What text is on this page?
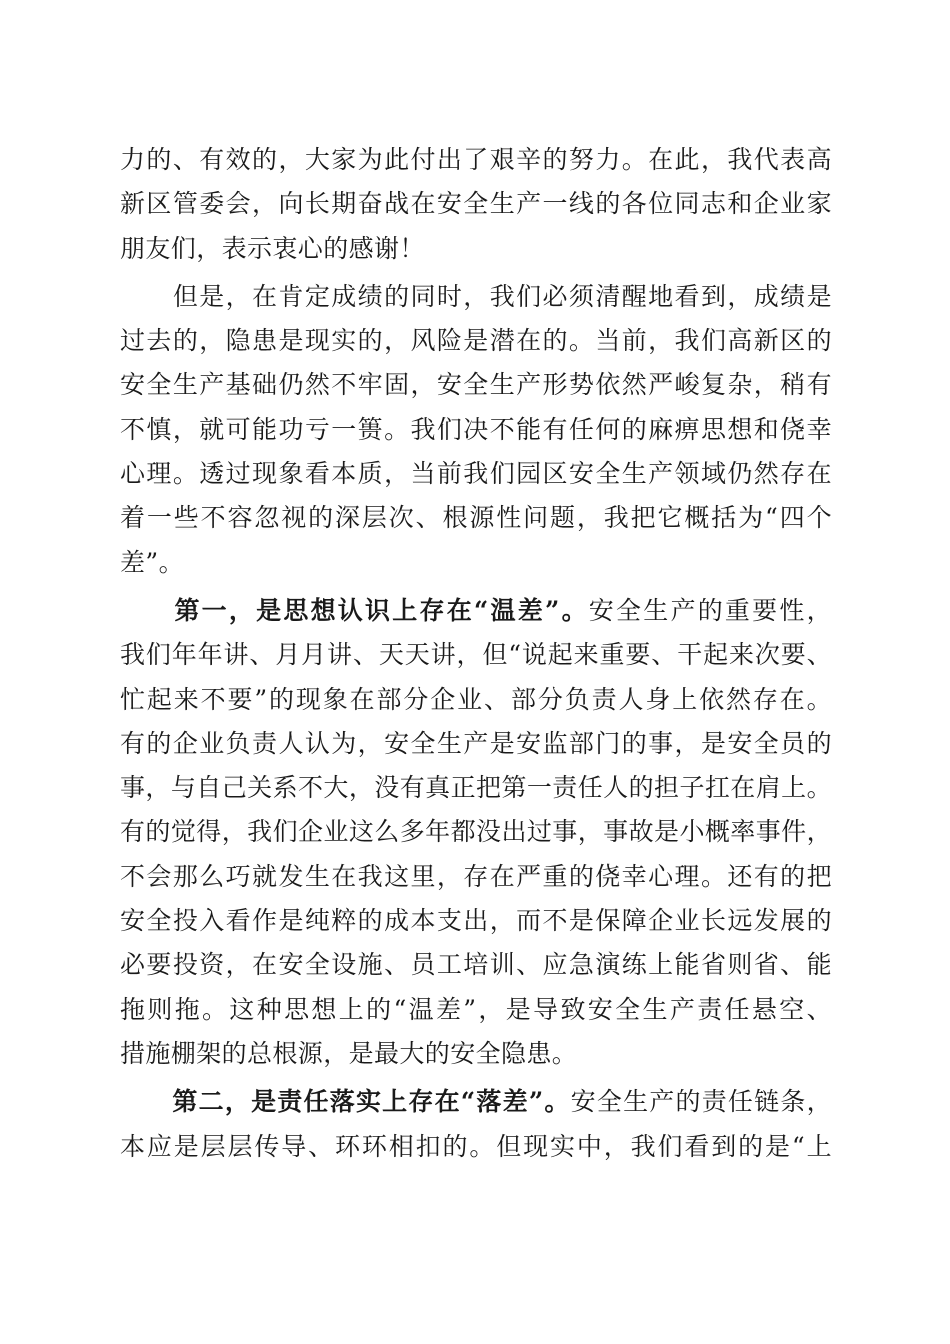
力的、有效的，大家为此付出了艰辛的努力。在此，我代表高
新区管委会，向长期奋战在安全生产一线的各位同志和企业家
朋友们，表示衷心的感谢！
　　但是，在肯定成绩的同时，我们必须清醒地看到，成绩是
过去的，隐患是现实的，风险是潜在的。当前，我们高新区的
安全生产基础仍然不牢固，安全生产形势依然严峻复杂，稍有
不慎，就可能功亏一篑。我们决不能有任何的麻痹思想和侥幸
心理。透过现象看本质，当前我们园区安全生产领域仍然存在
着一些不容忽视的深层次、根源性问题，我把它概括为“四个
差”。
　　第一，是思想认识上存在“温差”。安全生产的重要性，
我们年年讲、月月讲、天天讲，但“说起来重要、干起来次要、
忙起来不要”的现象在部分企业、部分负责人身上依然存在。
有的企业负责人认为，安全生产是安监部门的事，是安全员的
事，与自己关系不大，没有真正把第一责任人的担子扛在肩上。
有的觉得，我们企业这么多年都没出过事，事故是小概率事件，
不会那么巧就发生在我这里，存在严重的侥幸心理。还有的把
安全投入看作是纯粹的成本支出，而不是保障企业长远发展的
必要投资，在安全设施、员工培训、应急演练上能省则省、能
拖则拖。这种思想上的“温差”，是导致安全生产责任悬空、
措施棚架的总根源，是最大的安全隐患。
　　第二，是责任落实上存在“落差”。安全生产的责任链条，
本应是层层传导、环环相扣的。但现实中，我们看到的是“上
